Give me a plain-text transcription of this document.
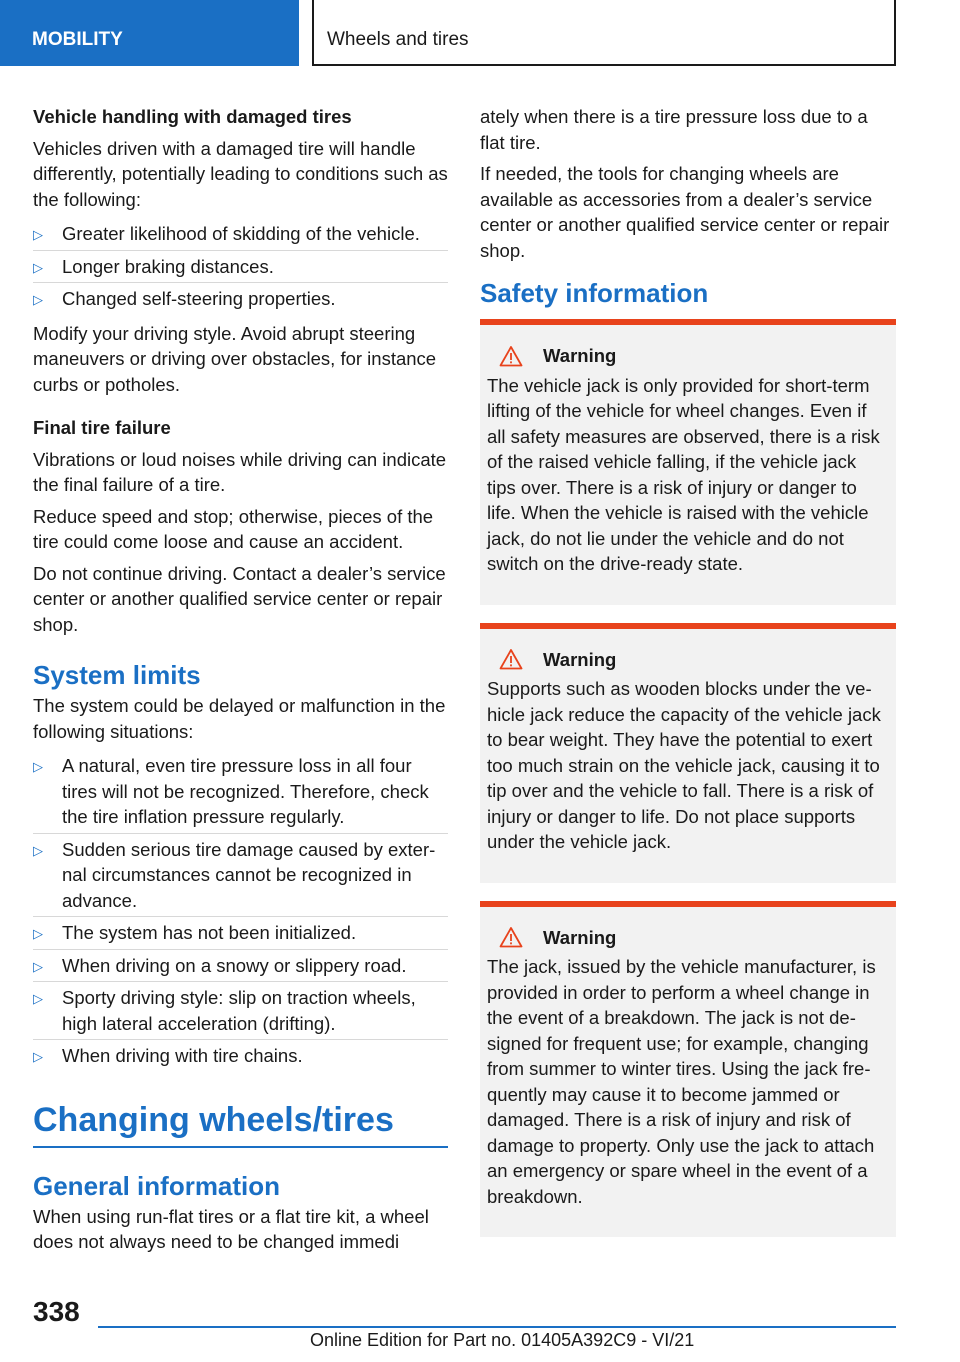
MOBILITY	Wheels and tires

Vehicle handling with damaged tires

Vehicles driven with a damaged tire will handle differently, potentially leading to conditions such as the following:

▷ Greater likelihood of skidding of the vehicle.
▷ Longer braking distances.
▷ Changed self-steering properties.

Modify your driving style. Avoid abrupt steering maneuvers or driving over obstacles, for instance curbs or potholes.

Final tire failure

Vibrations or loud noises while driving can indicate the final failure of a tire.

Reduce speed and stop; otherwise, pieces of the tire could come loose and cause an accident.

Do not continue driving. Contact a dealer’s service center or another qualified service center or repair shop.

System limits

The system could be delayed or malfunction in the following situations:

▷ A natural, even tire pressure loss in all four tires will not be recognized. Therefore, check the tire inflation pressure regularly.
▷ Sudden serious tire damage caused by external circumstances cannot be recognized in advance.
▷ The system has not been initialized.
▷ When driving on a snowy or slippery road.
▷ Sporty driving style: slip on traction wheels, high lateral acceleration (drifting).
▷ When driving with tire chains.
Changing wheels/tires
General information

When using run-flat tires or a flat tire kit, a wheel does not always need to be changed immedi

ately when there is a tire pressure loss due to a flat tire.

If needed, the tools for changing wheels are available as accessories from a dealer’s service center or another qualified service center or repair shop.

Safety information
Warning

The vehicle jack is only provided for short-term lifting of the vehicle for wheel changes. Even if all safety measures are observed, there is a risk of the raised vehicle falling, if the vehicle jack tips over. There is a risk of injury or danger to life. When the vehicle is raised with the vehicle jack, do not lie under the vehicle and do not switch on the drive-ready state.

Warning

Supports such as wooden blocks under the vehicle jack reduce the capacity of the vehicle jack to bear weight. They have the potential to exert too much strain on the vehicle jack, causing it to tip over and the vehicle to fall. There is a risk of injury or danger to life. Do not place supports under the vehicle jack.

Warning

The jack, issued by the vehicle manufacturer, is provided in order to perform a wheel change in the event of a breakdown. The jack is not designed for frequent use; for example, changing from summer to winter tires. Using the jack frequently may cause it to become jammed or damaged. There is a risk of injury and risk of damage to property. Only use the jack to attach an emergency or spare wheel in the event of a breakdown.

338
Online Edition for Part no. 01405A392C9 - VI/21
